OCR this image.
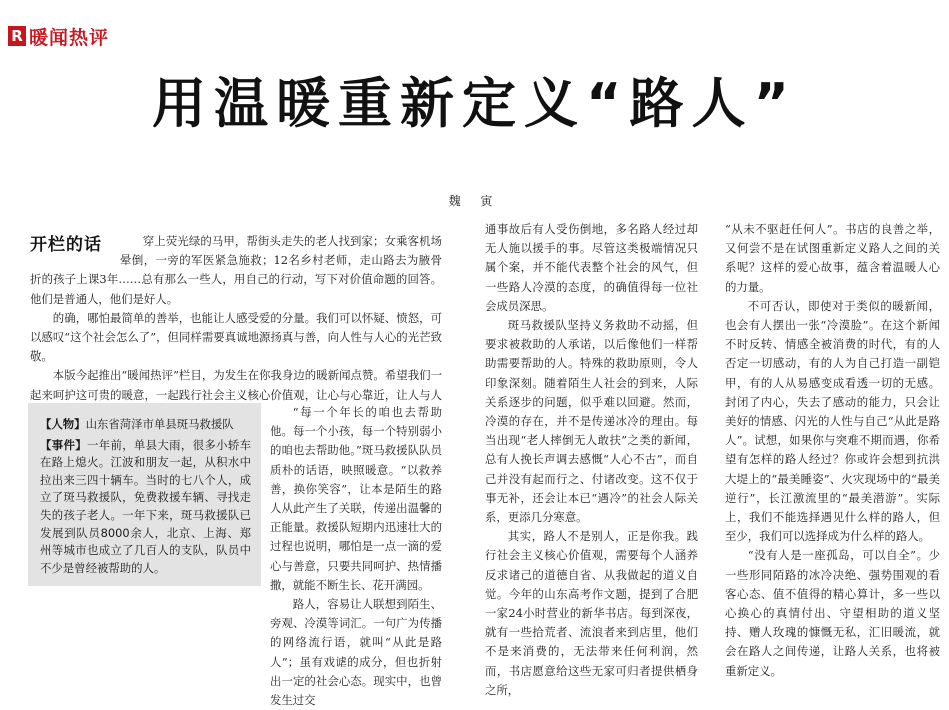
R 暖闻热评
用温暖重新定义“路人”
魏 寅
开栏的话	穿上荧光绿的马甲，帮街头走失的老人找到家；女乘客机场晕倒，一旁的军医紧急施救；12名乡村老师，走山路去为腋骨折的孩子上课3年……总有那么一些人，用自己的行动，写下对价值命题的回答。他们是普通人，他们是好人。

的确，哪怕最简单的善举，也能让人感受爱的分量。我们可以怀疑、愤怒，可以感叹“这个社会怎么了”，但同样需要真诚地源扬真与善，向人性与人心的光芒致敬。

本版今起推出“暖闻热评”栏目，为发生在你我身边的暖新闻点赞。希望我们一起来呵护这可贵的暖意，一起践行社会主义核心价值观，让心与心靠近，让人与人

【人物】山东省菏泽市单县斑马救援队
【事件】一年前，单县大雨，很多小轿车在路上熄火。江波和朋友一起，从积水中拉出来三四十辆车。当时的七八个人，成立了斑马救援队，免费救援车辆、寻找走失的孩子老人。一年下来，斑马救援队已发展到队员8000余人，北京、上海、郑州等城市也成立了几百人的支队，队员中不少是曾经被帮助的人。

“每一个年长的咱也去帮助他。每一个小孩，每一个特别弱小的咱也去帮助他。”斑马救援队队员质朴的话语，映照暖意。“以救养善，换你笑容”，让本是陌生的路人从此产生了关联，传递出温馨的正能量。救援队短期内迅速壮大的过程也说明，哪怕是一点一滴的爱心与善意，只要共同呵护、热情播撒，就能不断生长、花开满园。

路人，容易让人联想到陌生、旁观、冷漠等词汇。一句广为传播的网络流行语，就叫“从此是路人”；虽有戏谑的成分，但也折射出一定的社会心态。现实中，也曾发生过交

通事故后有人受伤倒地，多名路人经过却无人施以援手的事。尽管这类极端情况只属个案，并不能代表整个社会的风气，但一些路人冷漠的态度，的确值得每一位社会成员深思。

斑马救援队坚持义务救助不动摇，但要求被救助的人承诺，以后像他们一样帮助需要帮助的人。特殊的救助原则，令人印象深刻。随着陌生人社会的到来，人际关系逐步的问题，似乎难以回避。然而，冷漠的存在，并不是传递冰冷的理由。每当出现“老人摔倒无人敢扶”之类的新闻，总有人挽长声调去感慨“人心不古”，而自己并没有起而行之、付诸改变。这不仅于事无补，还会让本已“遇冷”的社会人际关系，更添几分寒意。

其实，路人不是别人，正是你我。践行社会主义核心价值观，需要每个人涵养反求诸己的道德自省、从我做起的道义自觉。今年的山东高考作文题，提到了合肥一家24小时营业的新华书店。每到深夜，就有一些拾荒者、流浪者来到店里，他们不是来消费的，无法带来任何利润，然而，书店愿意给这些无家可归者提供栖身之所，

“从未不驱赶任何人”。书店的良善之举，又何尝不是在试图重新定义路人之间的关系呢？这样的爱心故事，蕴含着温暖人心的力量。

不可否认，即使对于类似的暖新闻，也会有人摆出一张“冷漠脸”。在这个新闻不时反转、情感全被消费的时代，有的人否定一切感动，有的人为自己打造一副铠甲，有的人从易感变成看透一切的无感。封闭了内心，失去了感动的能力，只会让美好的情感、闪光的人性与自己“从此是路人”。试想，如果你与突难不期而遇，你希望有怎样的路人经过？你或许会想到抗洪大堤上的“最美睡姿”、火灾现场中的“最美逆行”，长江激流里的“最美潜游”。实际上，我们不能选择遇见什么样的路人，但至少，我们可以选择成为什么样的路人。

“没有人是一座孤岛，可以自全”。少一些形同陌路的冰冷决绝、强势围观的看客心态、值不值得的精心算计，多一些以心换心的真情付出、守望相助的道义坚持、赠人玫瑰的慷慨无私，汇旧暖流，就会在路人之间传递，让路人关系，也将被重新定义。
